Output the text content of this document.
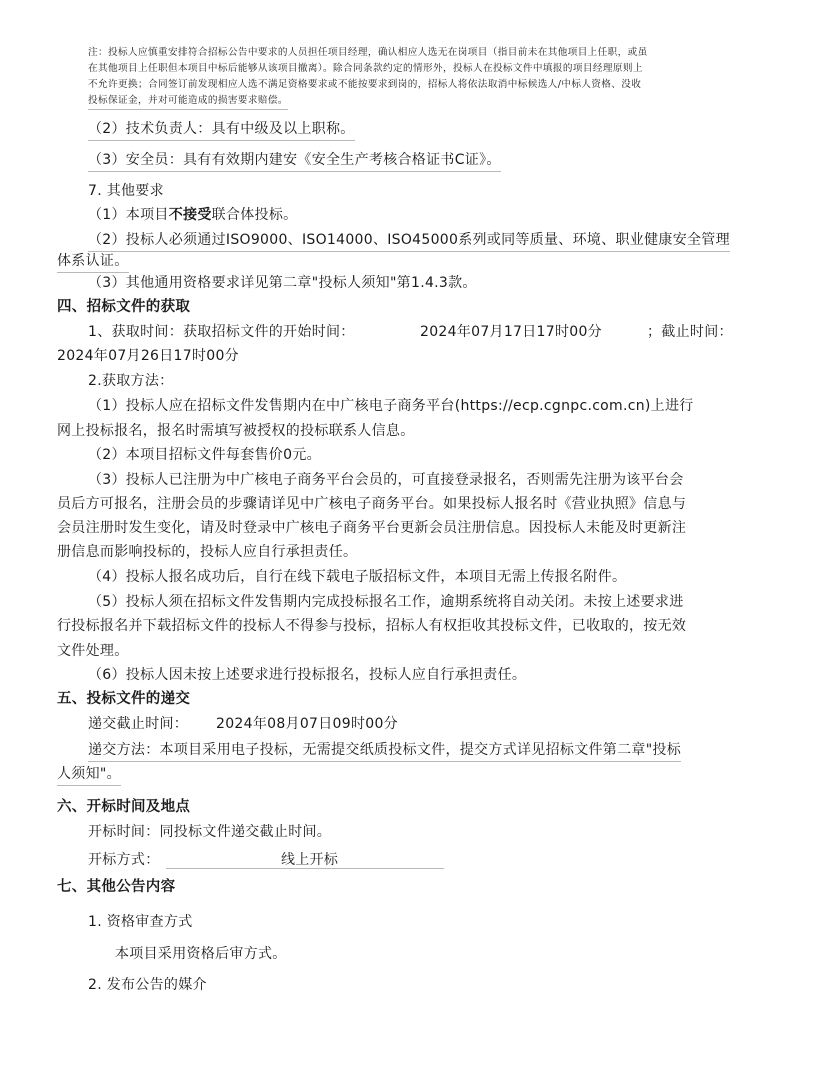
注：投标人应慎重安排符合招标公告中要求的人员担任项目经理，确认相应人选无在岗项目（指目前未在其他项目上任职，或虽
在其他项目上任职但本项目中标后能够从该项目撤离）。除合同条款约定的情形外，投标人在投标文件中填报的项目经理原则上
不允许更换；合同签订前发现相应人选不满足资格要求或不能按要求到岗的，招标人将依法取消中标候选人/中标人资格、没收
投标保证金，并对可能造成的损害要求赔偿。
（2）技术负责人：具有中级及以上职称。
（3）安全员：具有有效期内建安《安全生产考核合格证书C证》。
7. 其他要求
（1）本项目不接受联合体投标。
（2）投标人必须通过ISO9000、ISO14000、ISO45000系列或同等质量、环境、职业健康安全管理
体系认证。
（3）其他通用资格要求详见第二章"投标人须知"第1.4.3款。
四、招标文件的获取
1、获取时间：获取招标文件的开始时间：	2024年07月17日17时00分	；截止时间：
2024年07月26日17时00分
2.获取方法：
（1）投标人应在招标文件发售期内在中广核电子商务平台(https://ecp.cgnpc.com.cn)上进行
网上投标报名，报名时需填写被授权的投标联系人信息。
（2）本项目招标文件每套售价0元。
（3）投标人已注册为中广核电子商务平台会员的，可直接登录报名，否则需先注册为该平台会
员后方可报名，注册会员的步骤请详见中广核电子商务平台。如果投标人报名时《营业执照》信息与
会员注册时发生变化，请及时登录中广核电子商务平台更新会员注册信息。因投标人未能及时更新注
册信息而影响投标的，投标人应自行承担责任。
（4）投标人报名成功后，自行在线下载电子版招标文件，本项目无需上传报名附件。
（5）投标人须在招标文件发售期内完成投标报名工作，逾期系统将自动关闭。未按上述要求进
行投标报名并下载招标文件的投标人不得参与投标，招标人有权拒收其投标文件，已收取的，按无效
文件处理。
（6）投标人因未按上述要求进行投标报名，投标人应自行承担责任。
五、投标文件的递交
递交截止时间： 2024年08月07日09时00分
递交方法：本项目采用电子投标，无需提交纸质投标文件，提交方式详见招标文件第二章"投标
人须知"。
六、开标时间及地点
开标时间：同投标文件递交截止时间。
开标方式：	线上开标
七、其他公告内容
1. 资格审查方式
本项目采用资格后审方式。
2. 发布公告的媒介
